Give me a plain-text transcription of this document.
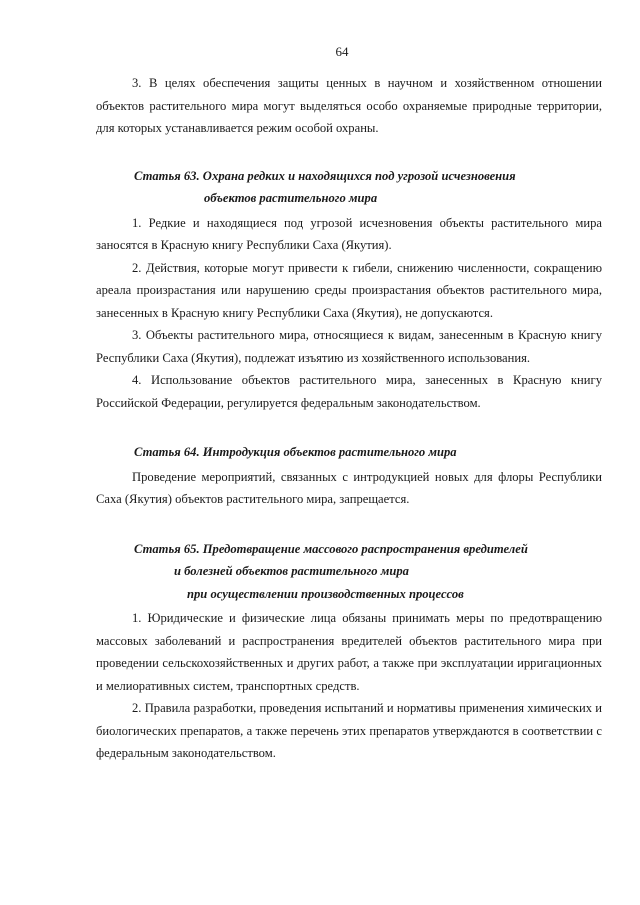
64

3. В целях обеспечения защиты ценных в научном и хозяйственном отношении объектов растительного мира могут выделяться особо охраняемые природные территории, для которых устанавливается режим особой охраны.

Статья 63. Охрана редких и находящихся под угрозой исчезновения
объектов растительного мира

1. Редкие и находящиеся под угрозой исчезновения объекты растительного мира заносятся в Красную книгу Республики Саха (Якутия).

2. Действия, которые могут привести к гибели, снижению численности, сокращению ареала произрастания или нарушению среды произрастания объектов растительного мира, занесенных в Красную книгу Республики Саха (Якутия), не допускаются.

3. Объекты растительного мира, относящиеся к видам, занесенным в Красную книгу Республики Саха (Якутия), подлежат изъятию из хозяйственного использования.

4. Использование объектов растительного мира, занесенных в Красную книгу Российской Федерации, регулируется федеральным законодательством.

Статья 64. Интродукция объектов растительного мира

Проведение мероприятий, связанных с интродукцией новых для флоры Республики Саха (Якутия) объектов растительного мира, запрещается.

Статья 65. Предотвращение массового распространения вредителей
и болезней объектов растительного мира
при осуществлении производственных процессов

1. Юридические и физические лица обязаны принимать меры по предотвращению массовых заболеваний и распространения вредителей объектов растительного мира при проведении сельскохозяйственных и других работ, а также при эксплуатации ирригационных и мелиоративных систем, транспортных средств.

2. Правила разработки, проведения испытаний и нормативы применения химических и биологических препаратов, а также перечень этих препаратов утверждаются в соответствии с федеральным законодательством.
